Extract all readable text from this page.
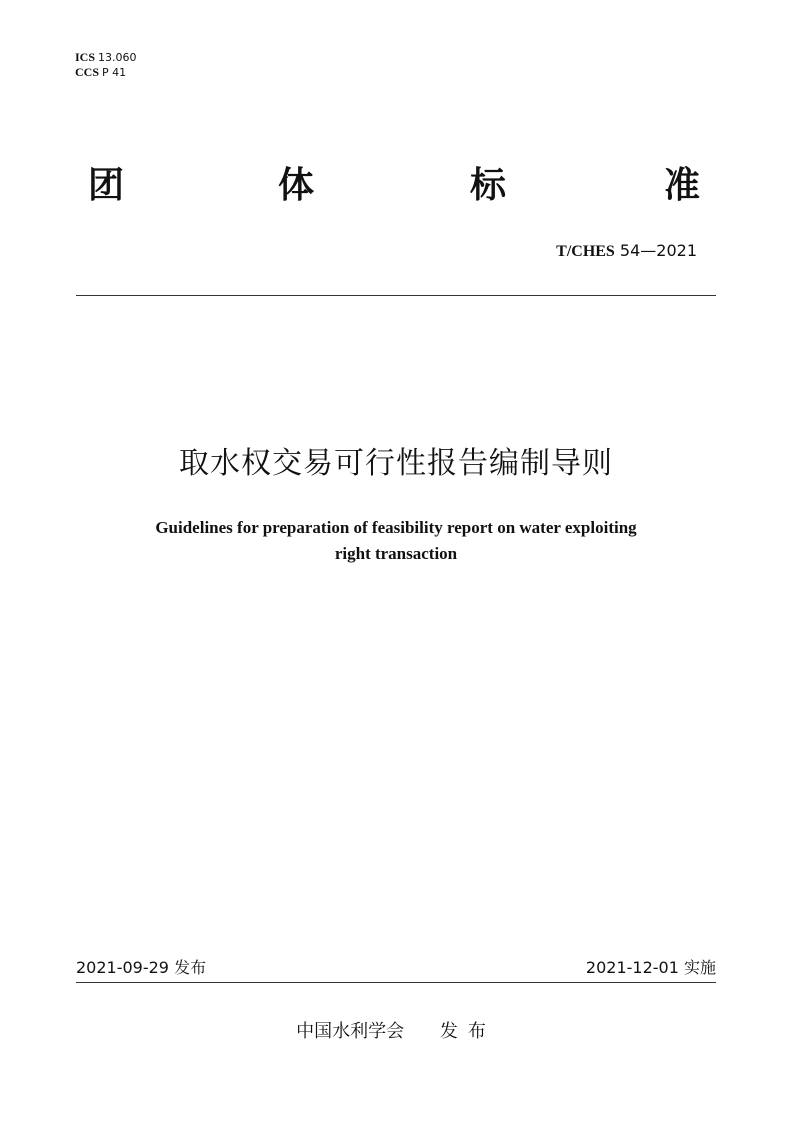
ICS 13.060
CCS P 41
团	体	标	准
T/CHES 54—2021
取水权交易可行性报告编制导则
Guidelines for preparation of feasibility report on water exploiting
right transaction
2021-09-29 发布	2021-12-01 实施
中国水利学会 发布
